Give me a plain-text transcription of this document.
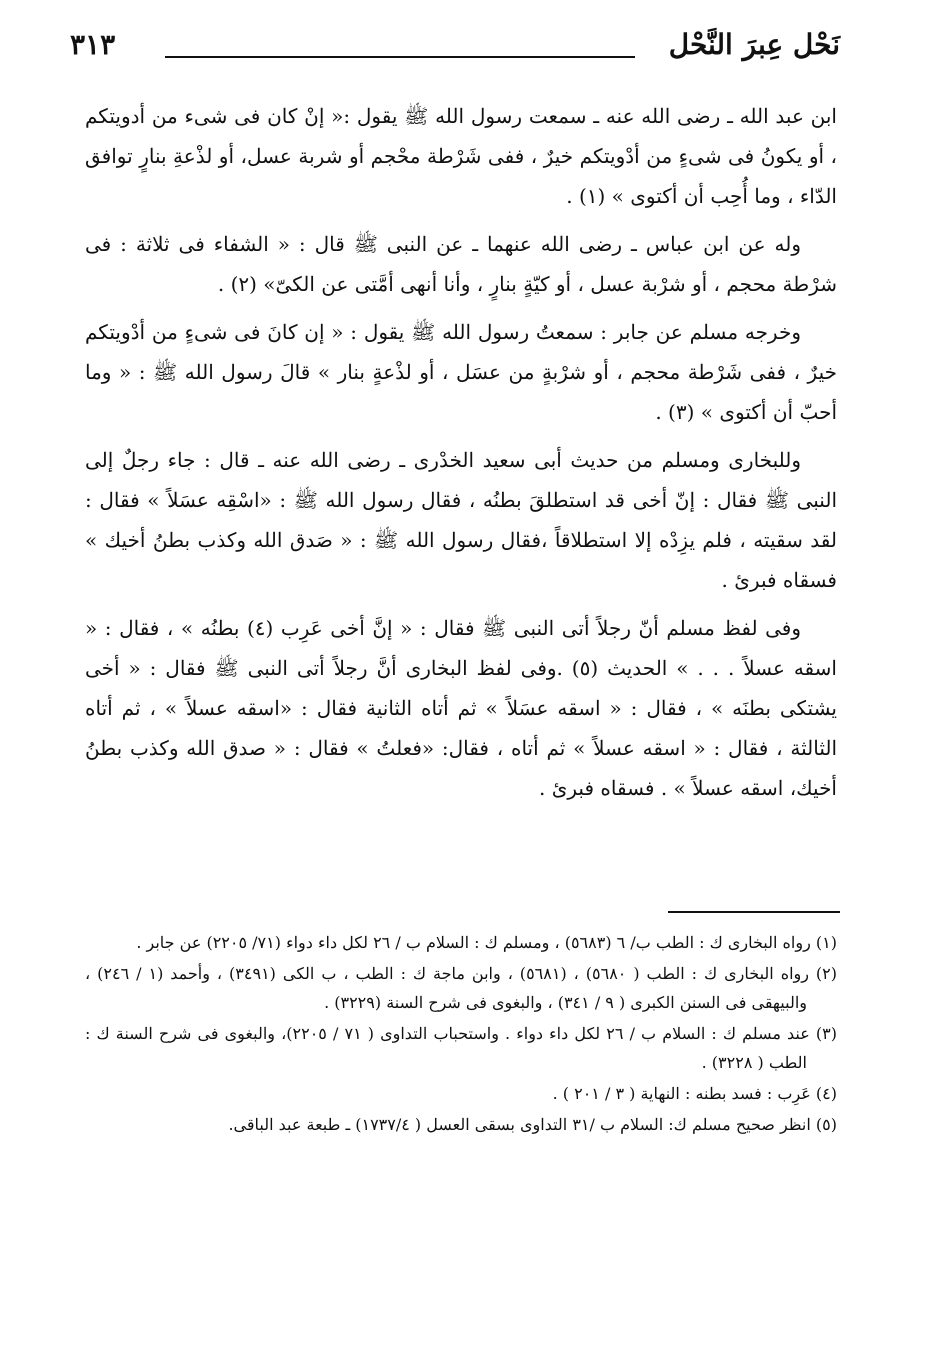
نَحْل عِبرَ النَّحْل
٣١٣

ابن عبد الله ـ رضى الله عنه ـ سمعت رسول الله ﷺ يقول :« إنْ كان فى شىء من أدويتكم ، أو يكونُ فى شىءٍ من أدْويتكم خيرٌ ، ففى شَرْطة محْجم أو شربة عسل، أو لذْعةِ بنارٍ توافق الدّاء ، وما أُحِب أن أكتوى » (١) .

وله عن ابن عباس ـ رضى الله عنهما ـ عن النبى ﷺ قال : « الشفاء فى ثلاثة : فى شرْطة محجم ، أو شرْبة عسل ، أو كيّةٍ بنارٍ ، وأنا أنهى أمَّتى عن الكىّ» (٢) .

وخرجه مسلم عن جابر : سمعتُ رسول الله ﷺ يقول : « إن كانَ فى شىءٍ من أدْويتكم خيرٌ ، ففى شَرْطة محجم ، أو شرْبةٍ من عسَل ، أو لذْعةٍ بنار » قالَ رسول الله ﷺ : « وما أحبّ أن أكتوى » (٣) .

وللبخارى ومسلم من حديث أبى سعيد الخدْرى ـ رضى الله عنه ـ قال : جاء رجلٌ إلى النبى ﷺ فقال : إنّ أخى قد استطلقَ بطنُه ، فقال رسول الله ﷺ : «اسْقِه عسَلاً » فقال : لقد سقيته ، فلم يزِدْه إلا استطلاقاً ،فقال رسول الله ﷺ : « صَدق الله وكذب بطنُ أخيك » فسقاه فبرئ .

وفى لفظ مسلم أنّ رجلاً أتى النبى ﷺ فقال : « إنَّ أخى عَرِب (٤) بطنُه » ، فقال : « اسقه عسلاً . . . » الحديث (٥) .وفى لفظ البخارى أنَّ رجلاً أتى النبى ﷺ فقال : « أخى يشتكى بطنَه » ، فقال : « اسقه عسَلاً » ثم أتاه الثانية فقال : «اسقه عسلاً » ، ثم أتاه الثالثة ، فقال : « اسقه عسلاً » ثم أتاه ، فقال: «فعلتُ » فقال : « صدق الله وكذب بطنُ أخيك، اسقه عسلاً » . فسقاه فبرئ .

(١) رواه البخارى ك : الطب ب/ ٦ (٥٦٨٣) ، ومسلم ك : السلام ب / ٢٦ لكل داء دواء (٧١/ ٢٢٠٥) عن جابر .

(٢) رواه البخارى ك : الطب ( ٥٦٨٠) ، (٥٦٨١) ، وابن ماجة ك : الطب ، ب الكى (٣٤٩١) ، وأحمد (١ / ٢٤٦) ، والبيهقى فى السنن الكبرى ( ٩ / ٣٤١) ، والبغوى فى شرح السنة (٣٢٢٩) .

(٣) عند مسلم ك : السلام ب / ٢٦ لكل داء دواء . واستحباب التداوى ( ٧١ / ٢٢٠٥)، والبغوى فى شرح السنة ك : الطب ( ٣٢٢٨) .

(٤) عَرِب : فسد بطنه : النهاية ( ٣ / ٢٠١ ) .

(٥) انظر صحيح مسلم ك: السلام ب /٣١ التداوى بسقى العسل ( ١٧٣٧/٤) ـ طبعة عبد الباقى.
